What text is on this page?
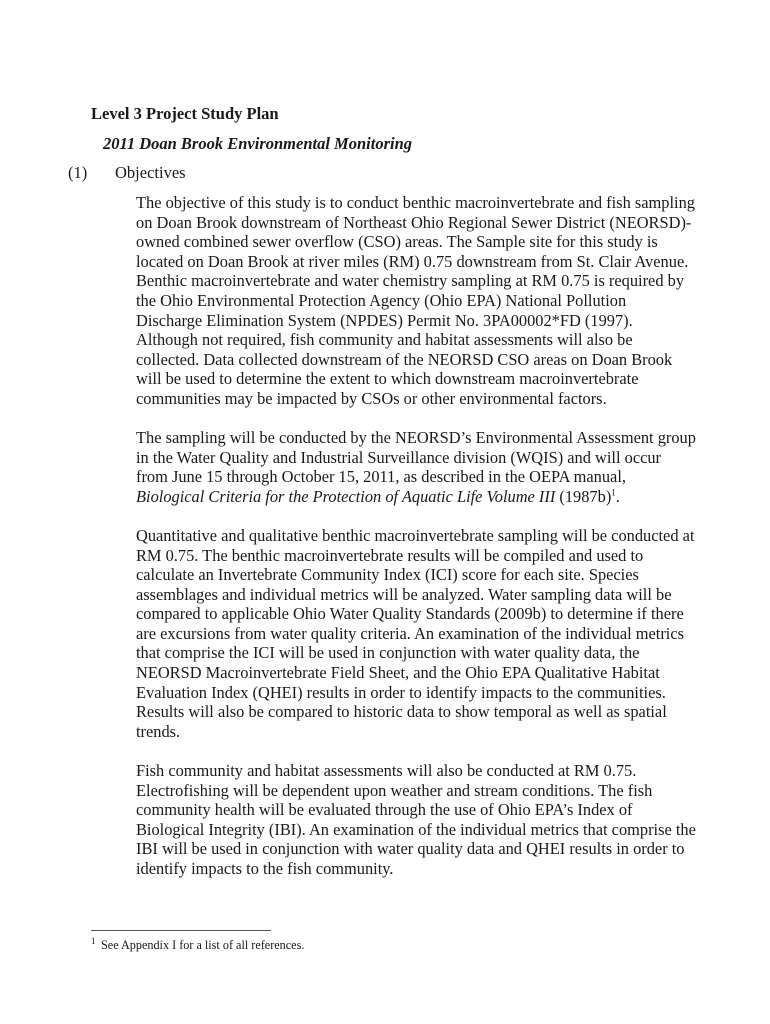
Level 3 Project Study Plan
2011 Doan Brook Environmental Monitoring
(1) Objectives

The objective of this study is to conduct benthic macroinvertebrate and fish sampling on Doan Brook downstream of Northeast Ohio Regional Sewer District (NEORSD)-owned combined sewer overflow (CSO) areas. The Sample site for this study is located on Doan Brook at river miles (RM) 0.75 downstream from St. Clair Avenue. Benthic macroinvertebrate and water chemistry sampling at RM 0.75 is required by the Ohio Environmental Protection Agency (Ohio EPA) National Pollution Discharge Elimination System (NPDES) Permit No. 3PA00002*FD (1997). Although not required, fish community and habitat assessments will also be collected. Data collected downstream of the NEORSD CSO areas on Doan Brook will be used to determine the extent to which downstream macroinvertebrate communities may be impacted by CSOs or other environmental factors.

The sampling will be conducted by the NEORSD’s Environmental Assessment group in the Water Quality and Industrial Surveillance division (WQIS) and will occur from June 15 through October 15, 2011, as described in the OEPA manual, Biological Criteria for the Protection of Aquatic Life Volume III $(1987b)^1$.

Quantitative and qualitative benthic macroinvertebrate sampling will be conducted at RM 0.75. The benthic macroinvertebrate results will be compiled and used to calculate an Invertebrate Community Index (ICI) score for each site. Species assemblages and individual metrics will be analyzed. Water sampling data will be compared to applicable Ohio Water Quality Standards (2009b) to determine if there are excursions from water quality criteria. An examination of the individual metrics that comprise the ICI will be used in conjunction with water quality data, the NEORSD Macroinvertebrate Field Sheet, and the Ohio EPA Qualitative Habitat Evaluation Index (QHEI) results in order to identify impacts to the communities. Results will also be compared to historic data to show temporal as well as spatial trends.

Fish community and habitat assessments will also be conducted at RM 0.75. Electrofishing will be dependent upon weather and stream conditions. The fish community health will be evaluated through the use of Ohio EPA’s Index of Biological Integrity (IBI). An examination of the individual metrics that comprise the IBI will be used in conjunction with water quality data and QHEI results in order to identify impacts to the fish community.

$^1$ See Appendix I for a list of all references.
